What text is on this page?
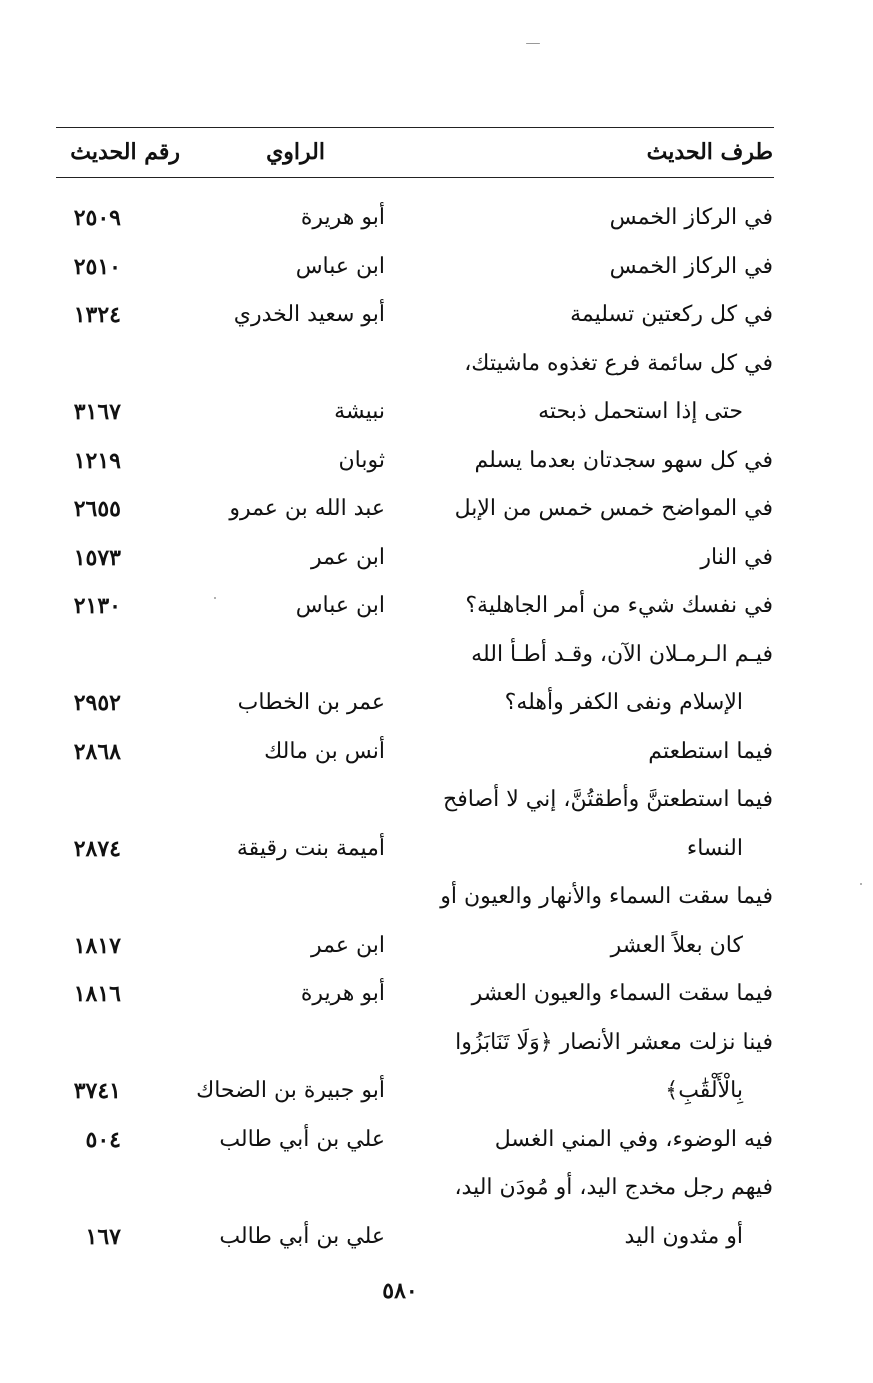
طرف الحديث
الراوي
رقم الحديث
في الركاز الخمس
أبو هريرة
٢٥٠٩
في الركاز الخمس
ابن عباس
٢٥١٠
في كل ركعتين تسليمة
أبو سعيد الخدري
١٣٢٤
في كل سائمة فرع تغذوه ماشيتك،
حتى إذا استحمل ذبحته
نبيشة
٣١٦٧
في كل سهو سجدتان بعدما يسلم
ثوبان
١٢١٩
في المواضح خمس خمس من الإبل
عبد الله بن عمرو
٢٦٥٥
في النار
ابن عمر
١٥٧٣
في نفسك شيء من أمر الجاهلية؟
ابن عباس
٢١٣٠
فيـم الـرمـلان الآن، وقـد أطـأ الله
الإسلام ونفى الكفر وأهله؟
عمر بن الخطاب
٢٩٥٢
فيما استطعتم
أنس بن مالك
٢٨٦٨
فيما استطعتنَّ وأطقتُنَّ، إني لا أصافح
النساء
أميمة بنت رقيقة
٢٨٧٤
فيما سقت السماء والأنهار والعيون أو
كان بعلاً العشر
ابن عمر
١٨١٧
فيما سقت السماء والعيون العشر
أبو هريرة
١٨١٦
فينا نزلت معشر الأنصار ﴿وَلَا تَنَابَزُوا
بِالْأَلْقَٰبِ﴾
أبو جبيرة بن الضحاك
٣٧٤١
فيه الوضوء، وفي المني الغسل
علي بن أبي طالب
٥٠٤
فيهم رجل مخدج اليد، أو مُودَن اليد،
أو مثدون اليد
علي بن أبي طالب
١٦٧
٥٨٠
